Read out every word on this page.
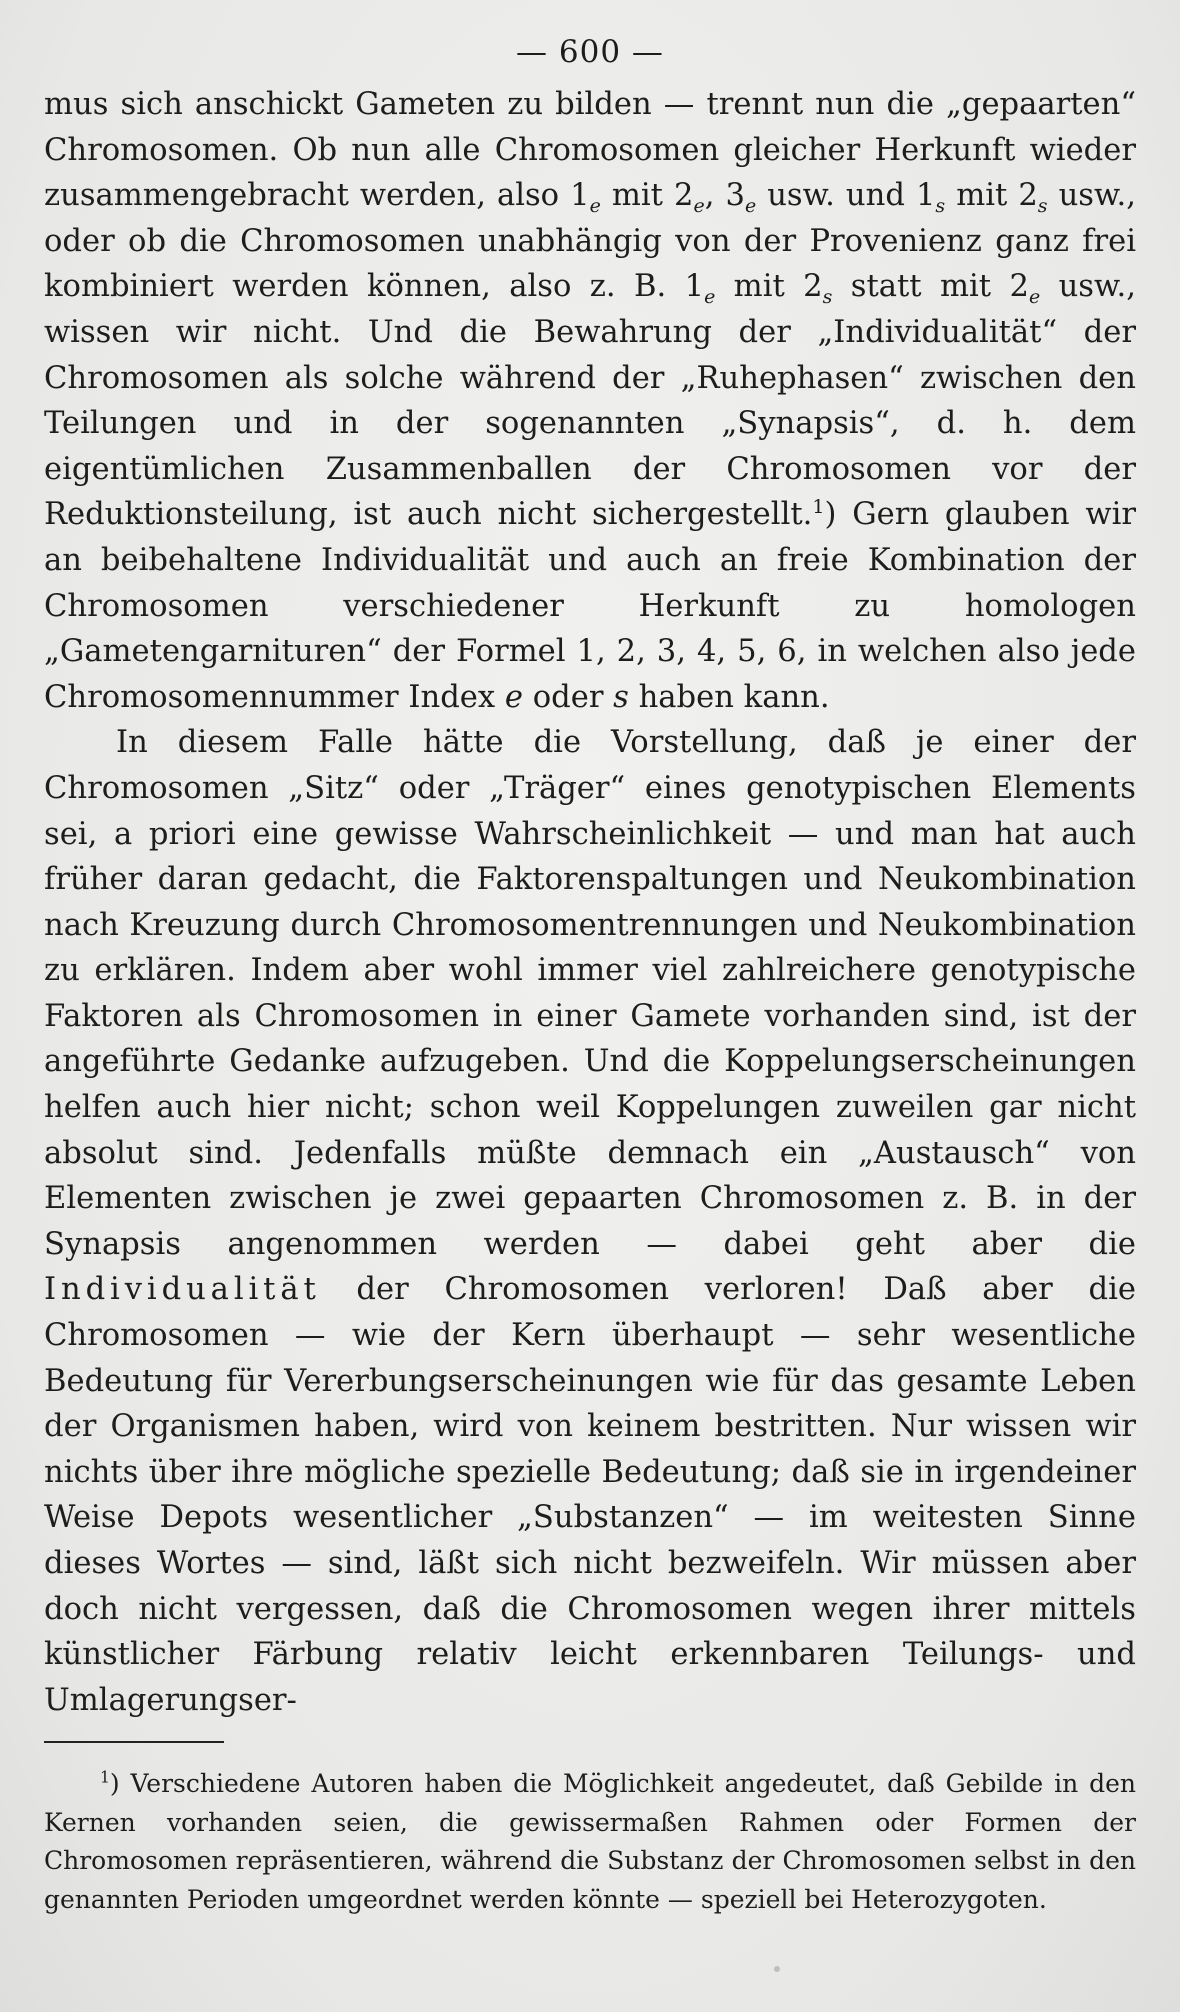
— 600 —

mus sich anschickt Gameten zu bilden — trennt nun die „gepaarten“ Chromosomen. Ob nun alle Chromosomen gleicher Herkunft wieder zusammengebracht werden, also $1_e$ mit $2_e$, $3_e$ usw. und $1_s$ mit $2_s$ usw., oder ob die Chromosomen unabhängig von der Provenienz ganz frei kombiniert werden können, also z. B. $1_e$ mit $2_s$ statt mit $2_e$ usw., wissen wir nicht. Und die Bewahrung der „Individualität“ der Chromosomen als solche während der „Ruhephasen“ zwischen den Teilungen und in der sogenannten „Synapsis“, d. h. dem eigentümlichen Zusammenballen der Chromosomen vor der Reduktionsteilung, ist auch nicht sichergestellt.$^1$) Gern glauben wir an beibehaltene Individualität und auch an freie Kombination der Chromosomen verschiedener Herkunft zu homologen „Gametengarnituren“ der Formel 1, 2, 3, 4, 5, 6, in welchen also jede Chromosomennummer Index e oder s haben kann.

In diesem Falle hätte die Vorstellung, daß je einer der Chromosomen „Sitz“ oder „Träger“ eines genotypischen Elements sei, a priori eine gewisse Wahrscheinlichkeit — und man hat auch früher daran gedacht, die Faktorenspaltungen und Neukombination nach Kreuzung durch Chromosomentrennungen und Neukombination zu erklären. Indem aber wohl immer viel zahlreichere genotypische Faktoren als Chromosomen in einer Gamete vorhanden sind, ist der angeführte Gedanke aufzugeben. Und die Koppelungserscheinungen helfen auch hier nicht; schon weil Koppelungen zuweilen gar nicht absolut sind. Jedenfalls müßte demnach ein „Austausch“ von Elementen zwischen je zwei gepaarten Chromosomen z. B. in der Synapsis angenommen werden — dabei geht aber die Individualität der Chromosomen verloren! Daß aber die Chromosomen — wie der Kern überhaupt — sehr wesentliche Bedeutung für Vererbungserscheinungen wie für das gesamte Leben der Organismen haben, wird von keinem bestritten. Nur wissen wir nichts über ihre mögliche spezielle Bedeutung; daß sie in irgendeiner Weise Depots wesentlicher „Substanzen“ — im weitesten Sinne dieses Wortes — sind, läßt sich nicht bezweifeln. Wir müssen aber doch nicht vergessen, daß die Chromosomen wegen ihrer mittels künstlicher Färbung relativ leicht erkennbaren Teilungs- und Umlagerungser-

$^1$) Verschiedene Autoren haben die Möglichkeit angedeutet, daß Gebilde in den Kernen vorhanden seien, die gewissermaßen Rahmen oder Formen der Chromosomen repräsentieren, während die Substanz der Chromosomen selbst in den genannten Perioden umgeordnet werden könnte — speziell bei Heterozygoten.
